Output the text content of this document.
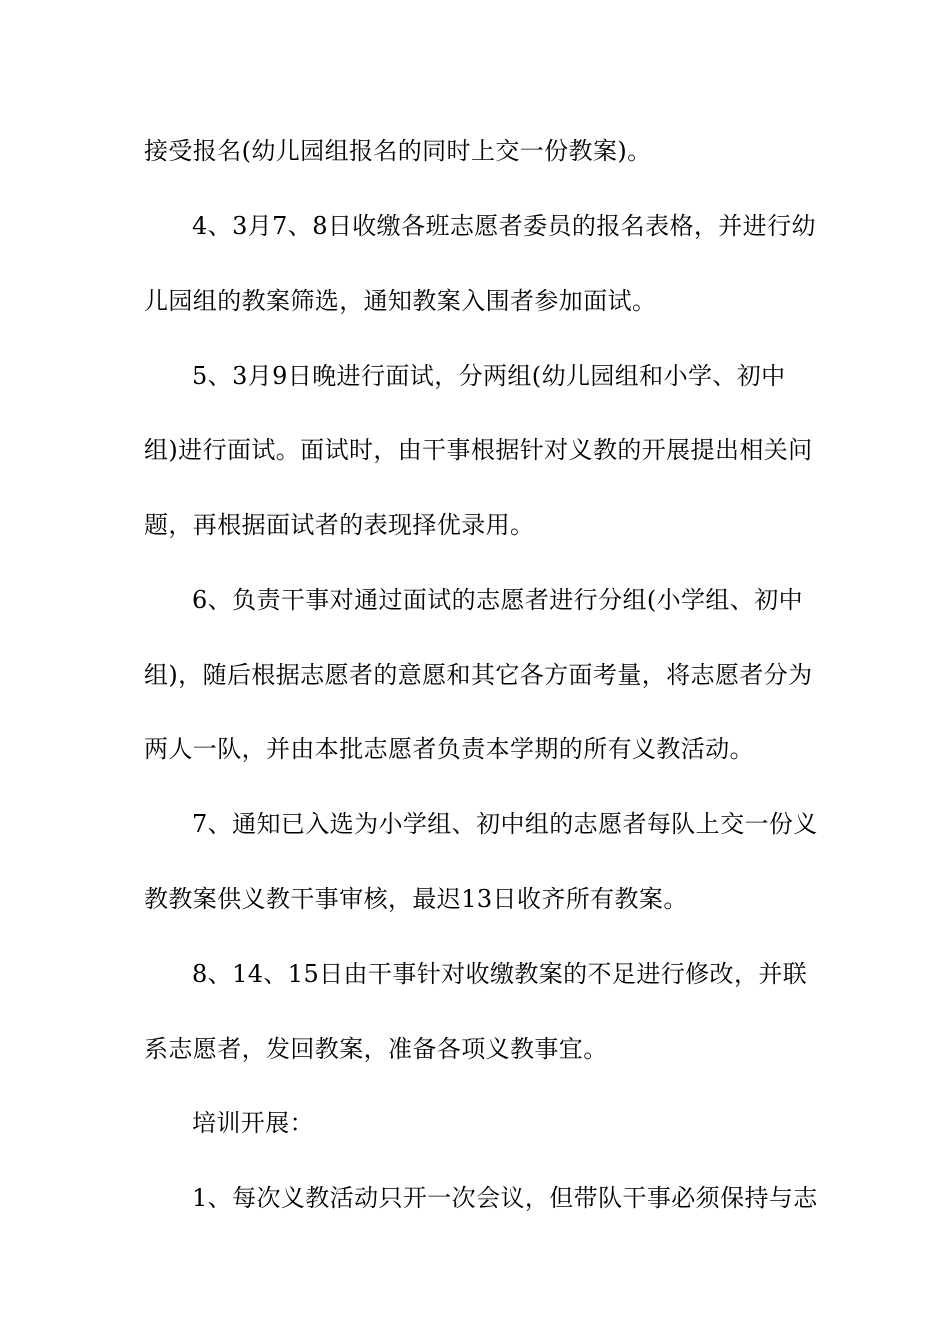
接受报名(幼儿园组报名的同时上交一份教案)。
4、3月7、8日收缴各班志愿者委员的报名表格，并进行幼
儿园组的教案筛选，通知教案入围者参加面试。
5、3月9日晚进行面试，分两组(幼儿园组和小学、初中
组)进行面试。面试时，由干事根据针对义教的开展提出相关问
题，再根据面试者的表现择优录用。
6、负责干事对通过面试的志愿者进行分组(小学组、初中
组)，随后根据志愿者的意愿和其它各方面考量，将志愿者分为
两人一队，并由本批志愿者负责本学期的所有义教活动。
7、通知已入选为小学组、初中组的志愿者每队上交一份义
教教案供义教干事审核，最迟13日收齐所有教案。
8、14、15日由干事针对收缴教案的不足进行修改，并联
系志愿者，发回教案，准备各项义教事宜。
培训开展：
1、每次义教活动只开一次会议，但带队干事必须保持与志
